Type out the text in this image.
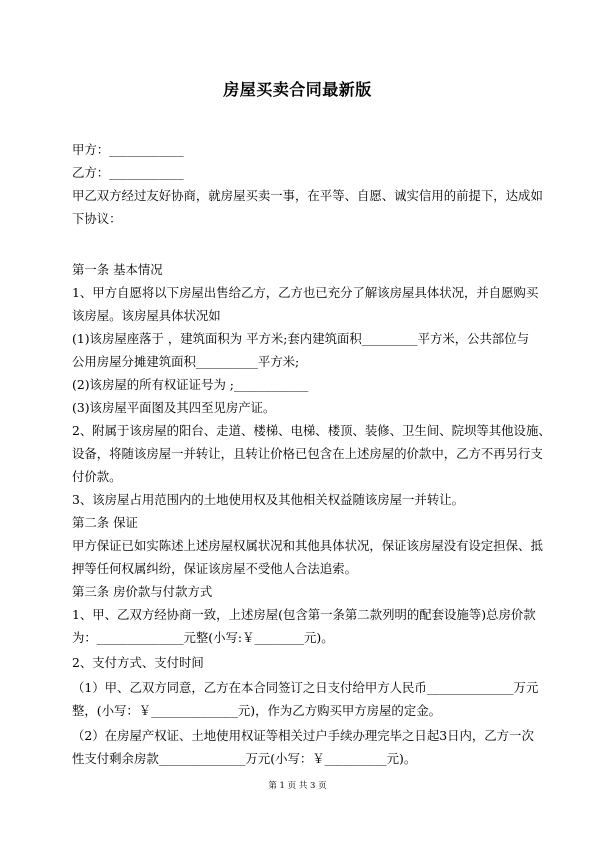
房屋买卖合同最新版
甲方：____________
乙方：____________
甲乙双方经过友好协商，就房屋买卖一事，在平等、自愿、诚实信用的前提下，达成如
下协议：
第一条 基本情况
1、甲方自愿将以下房屋出售给乙方，乙方也已充分了解该房屋具体状况，并自愿购买
该房屋。该房屋具体状况如
(1)该房屋座落于 ，建筑面积为 平方米;套内建筑面积_________平方米，公共部位与
公用房屋分摊建筑面积__________平方米;
(2)该房屋的所有权证证号为 ;____________
(3)该房屋平面图及其四至见房产证。
2、附属于该房屋的阳台、走道、楼梯、电梯、楼顶、装修、卫生间、院坝等其他设施、
设备，将随该房屋一并转让，且转让价格已包含在上述房屋的价款中，乙方不再另行支
付价款。
3、该房屋占用范围内的土地使用权及其他相关权益随该房屋一并转让。
第二条 保证
甲方保证已如实陈述上述房屋权属状况和其他具体状况，保证该房屋没有设定担保、抵
押等任何权属纠纷，保证该房屋不受他人合法追索。
第三条 房价款与付款方式
1、甲、乙双方经协商一致，上述房屋(包含第一条第二款列明的配套设施等)总房价款
为：______________元整(小写:￥________元)。
2、支付方式、支付时间
（1）甲、乙双方同意，乙方在本合同签订之日支付给甲方人民币______________万元
整，(小写：￥______________元)，作为乙方购买甲方房屋的定金。
（2）在房屋产权证、土地使用权证等相关过户手续办理完毕之日起3日内，乙方一次
性支付剩余房款______________万元(小写：￥__________元)。
第 1 页 共 3 页
